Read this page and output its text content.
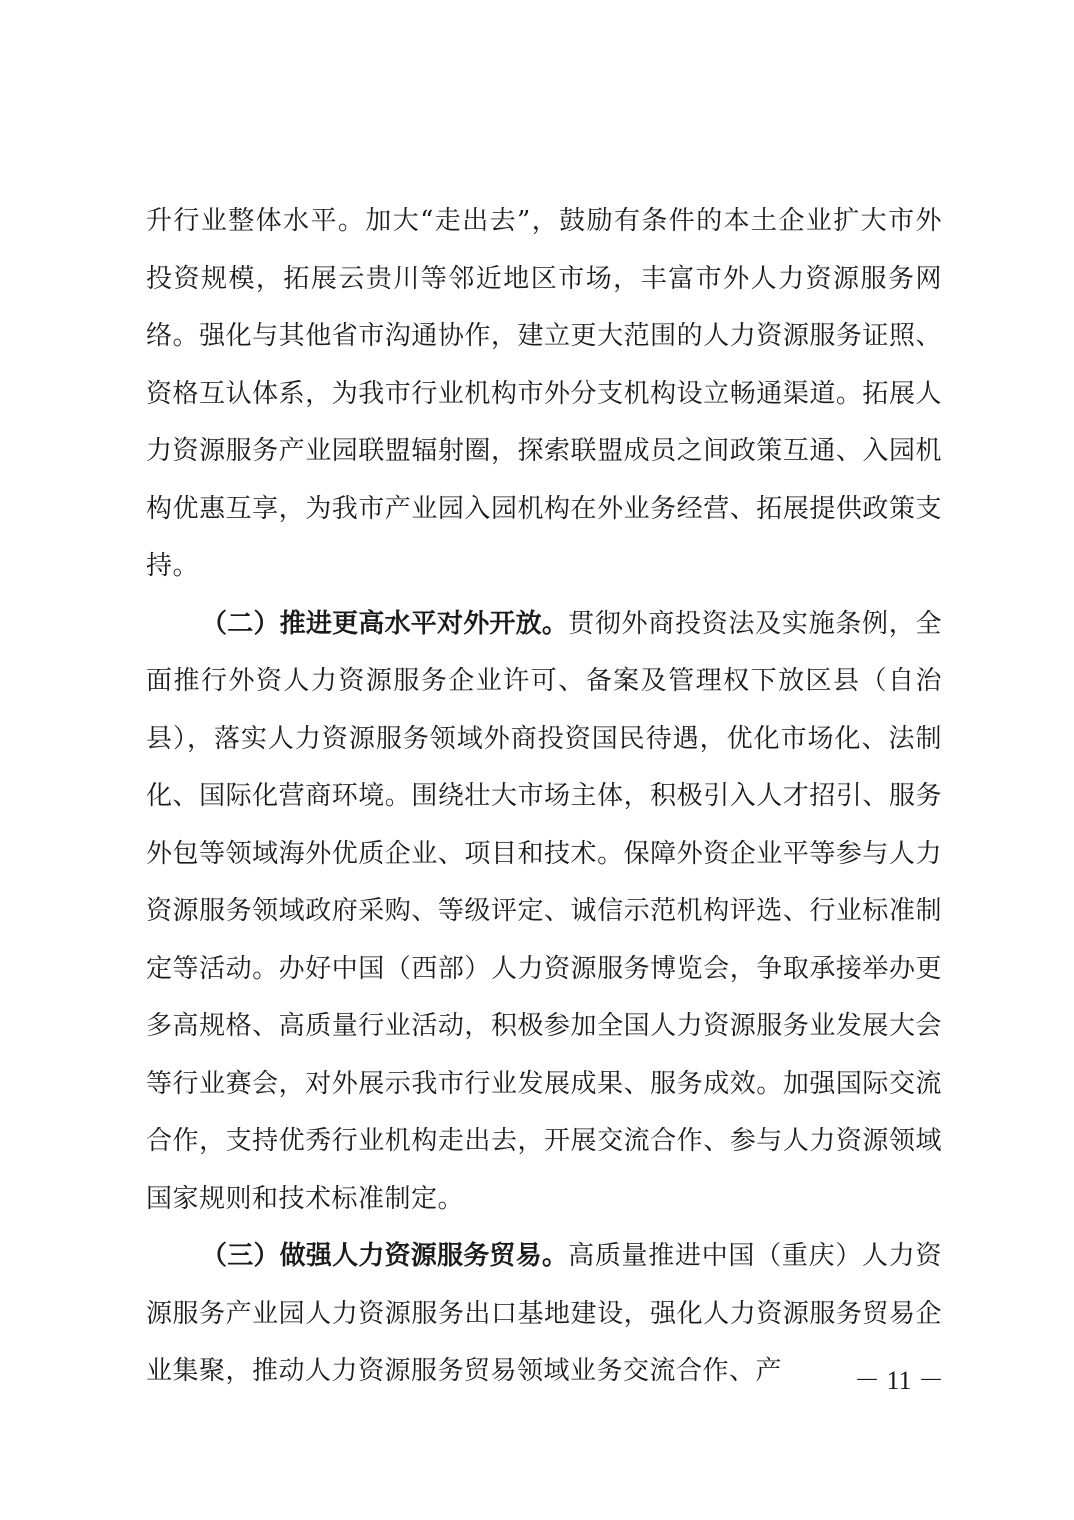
升行业整体水平。加大“走出去”，鼓励有条件的本土企业扩大市外投资规模，拓展云贵川等邻近地区市场，丰富市外人力资源服务网络。强化与其他省市沟通协作，建立更大范围的人力资源服务证照、资格互认体系，为我市行业机构市外分支机构设立畅通渠道。拓展人力资源服务产业园联盟辐射圈，探索联盟成员之间政策互通、入园机构优惠互享，为我市产业园入园机构在外业务经营、拓展提供政策支持。

（二）推进更高水平对外开放。贯彻外商投资法及实施条例，全面推行外资人力资源服务企业许可、备案及管理权下放区县（自治县），落实人力资源服务领域外商投资国民待遇，优化市场化、法制化、国际化营商环境。围绕壮大市场主体，积极引入人才招引、服务外包等领域海外优质企业、项目和技术。保障外资企业平等参与人力资源服务领域政府采购、等级评定、诚信示范机构评选、行业标准制定等活动。办好中国（西部）人力资源服务博览会，争取承接举办更多高规格、高质量行业活动，积极参加全国人力资源服务业发展大会等行业赛会，对外展示我市行业发展成果、服务成效。加强国际交流合作，支持优秀行业机构走出去，开展交流合作、参与人力资源领域国家规则和技术标准制定。

（三）做强人力资源服务贸易。高质量推进中国（重庆）人力资源服务产业园人力资源服务出口基地建设，强化人力资源服务贸易企业集聚，推动人力资源服务贸易领域业务交流合作、产	－ 11 －
